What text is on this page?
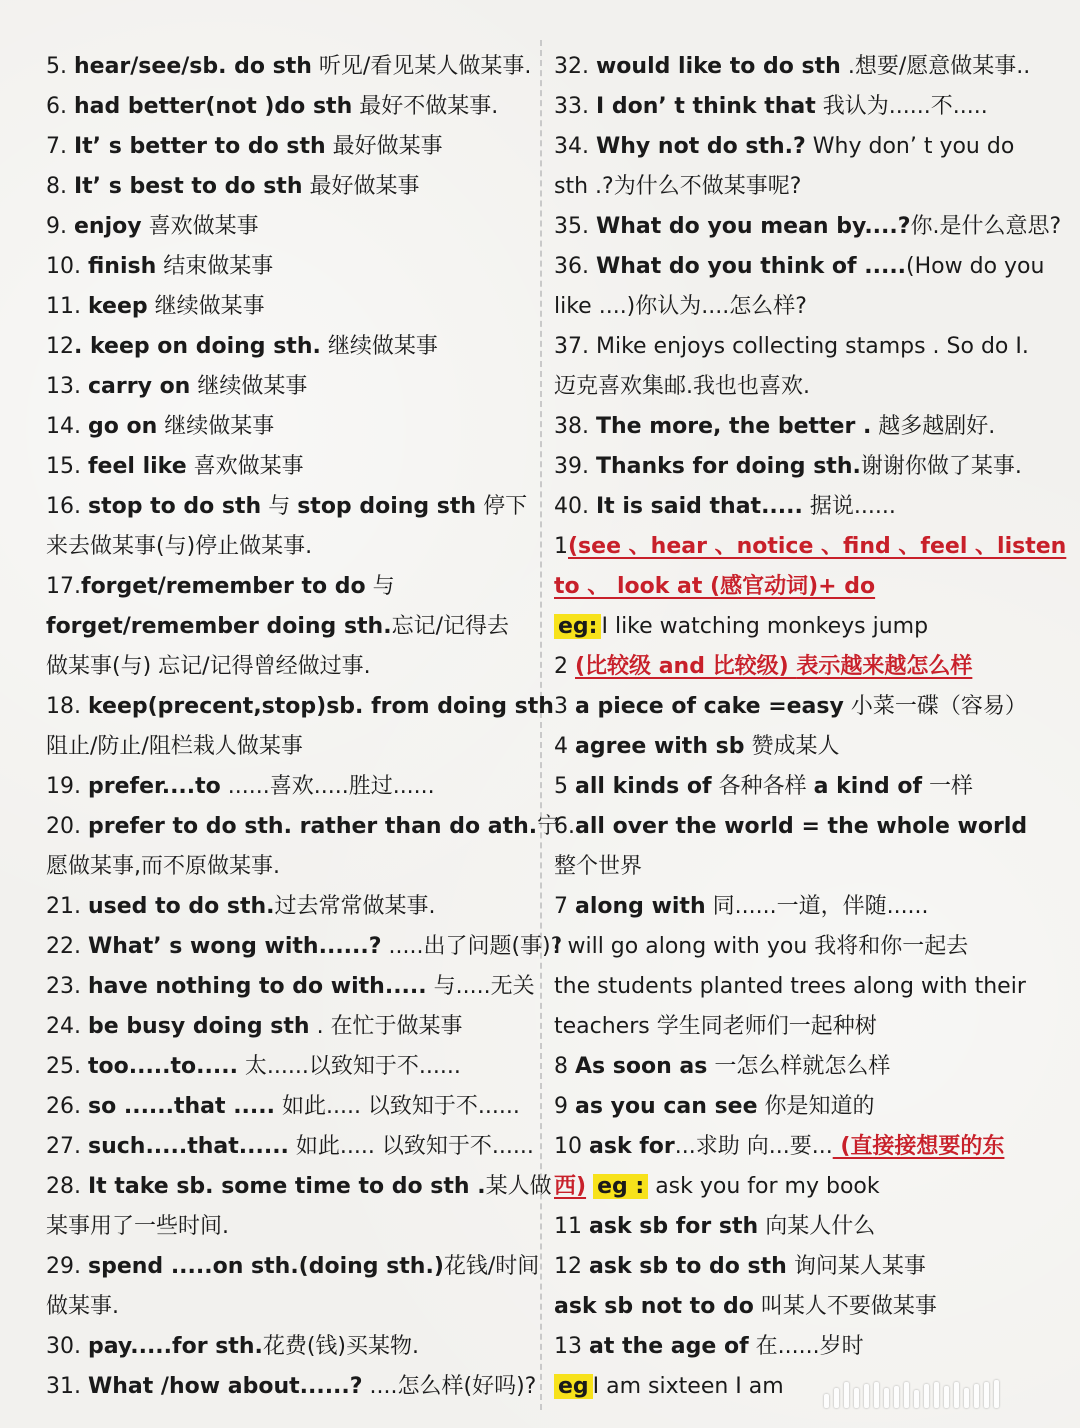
5. hear/see/sb. do sth 听见/看见某人做某事.
6. had better(not )do sth 最好不做某事.
7. It’ s better to do sth 最好做某事
8. It’ s best to do sth 最好做某事
9. enjoy 喜欢做某事
10. finish 结束做某事
11. keep 继续做某事
12. keep on doing sth. 继续做某事
13. carry on 继续做某事
14. go on 继续做某事
15. feel like 喜欢做某事
16. stop to do sth 与 stop doing sth 停下
来去做某事(与)停止做某事.
17.forget/remember to do 与
forget/remember doing sth.忘记/记得去
做某事(与) 忘记/记得曾经做过事.
18. keep(precent,stop)sb. from doing sth
阻止/防止/阻栏栽人做某事
19. prefer....to ......喜欢.....胜过......
20. prefer to do sth. rather than do ath.宁
愿做某事,而不原做某事.
21. used to do sth.过去常常做某事.
22. What’ s wong with......? .....出了问题(事)?
23. have nothing to do with..... 与.....无关
24. be busy doing sth . 在忙于做某事
25. too.....to..... 太......以致知于不......
26. so ......that ..... 如此..... 以致知于不......
27. such.....that...... 如此..... 以致知于不......
28. It take sb. some time to do sth .某人做
某事用了一些时间.
29. spend .....on sth.(doing sth.)花钱/时间
做某事.
30. pay.....for sth.花费(钱)买某物.
31. What /how about......? ....怎么样(好吗)?
32. would like to do sth .想要/愿意做某事..
33. I don’ t think that 我认为......不.....
34. Why not do sth.? Why don’ t you do
sth .?为什么不做某事呢?
35. What do you mean by....?你.是什么意思?
36. What do you think of .....(How do you
like ....)你认为....怎么样?
37. Mike enjoys collecting stamps . So do I.
迈克喜欢集邮.我也也喜欢.
38. The more, the better . 越多越剧好.
39. Thanks for doing sth.谢谢你做了某事.
40. It is said that..... 据说......
1(see 、hear 、notice 、find 、feel 、listen
to 、 look at (感官动词)+ do
eg: I like watching monkeys jump
2 (比较级 and 比较级) 表示越来越怎么样
3 a piece of cake =easy 小菜一碟（容易）
4 agree with sb 赞成某人
5 all kinds of 各种各样 a kind of 一样
6.all over the world = the whole world
整个世界
7 along with 同......一道，伴随......
I will go along with you 我将和你一起去
the students planted trees along with their
teachers 学生同老师们一起种树
8 As soon as 一怎么样就怎么样
9 as you can see 你是知道的
10 ask for...求助 向...要... (直接接想要的东
西) eg : ask you for my book
11 ask sb for sth 向某人什么
12 ask sb to do sth 询问某人某事
ask sb not to do 叫某人不要做某事
13 at the age of 在......岁时
eg I am sixteen I am
